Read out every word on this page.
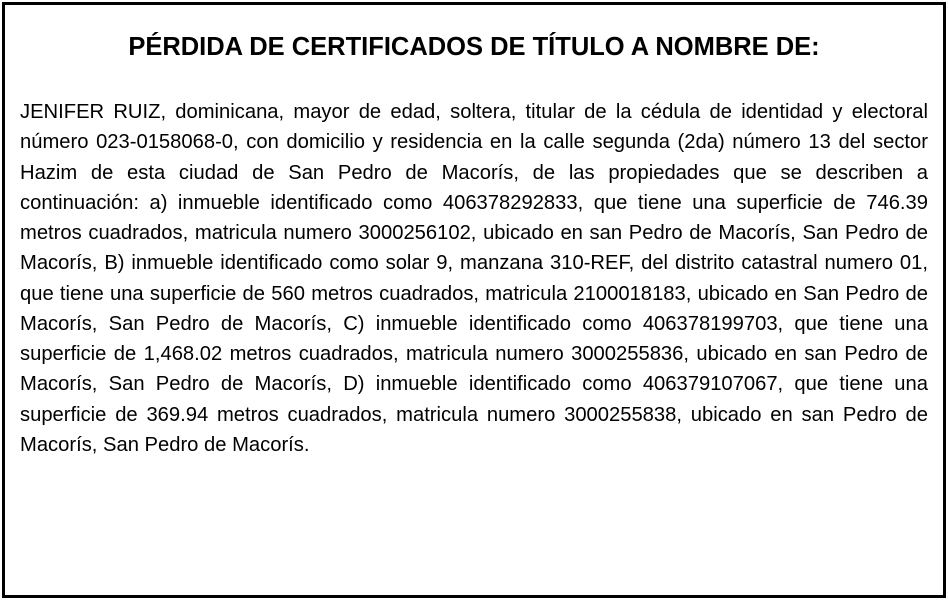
PÉRDIDA DE CERTIFICADOS DE TÍTULO A NOMBRE DE:

JENIFER RUIZ, dominicana, mayor de edad, soltera, titular de la cédula de identidad y electoral número 023-0158068-0, con domicilio y residencia en la calle segunda (2da) número 13 del sector Hazim de esta ciudad de San Pedro de Macorís, de las propiedades que se describen a continuación: a) inmueble identificado como 406378292833, que tiene una superficie de 746.39 metros cuadrados, matricula numero 3000256102, ubicado en san Pedro de Macorís, San Pedro de Macorís, B) inmueble identificado como solar 9, manzana 310-REF, del distrito catastral numero 01, que tiene una superficie de 560 metros cuadrados, matricula 2100018183, ubicado en San Pedro de Macorís, San Pedro de Macorís, C) inmueble identificado como 406378199703, que tiene una superficie de 1,468.02 metros cuadrados, matricula numero 3000255836, ubicado en san Pedro de Macorís, San Pedro de Macorís, D) inmueble identificado como 406379107067, que tiene una superficie de 369.94 metros cuadrados, matricula numero 3000255838, ubicado en san Pedro de Macorís, San Pedro de Macorís.
